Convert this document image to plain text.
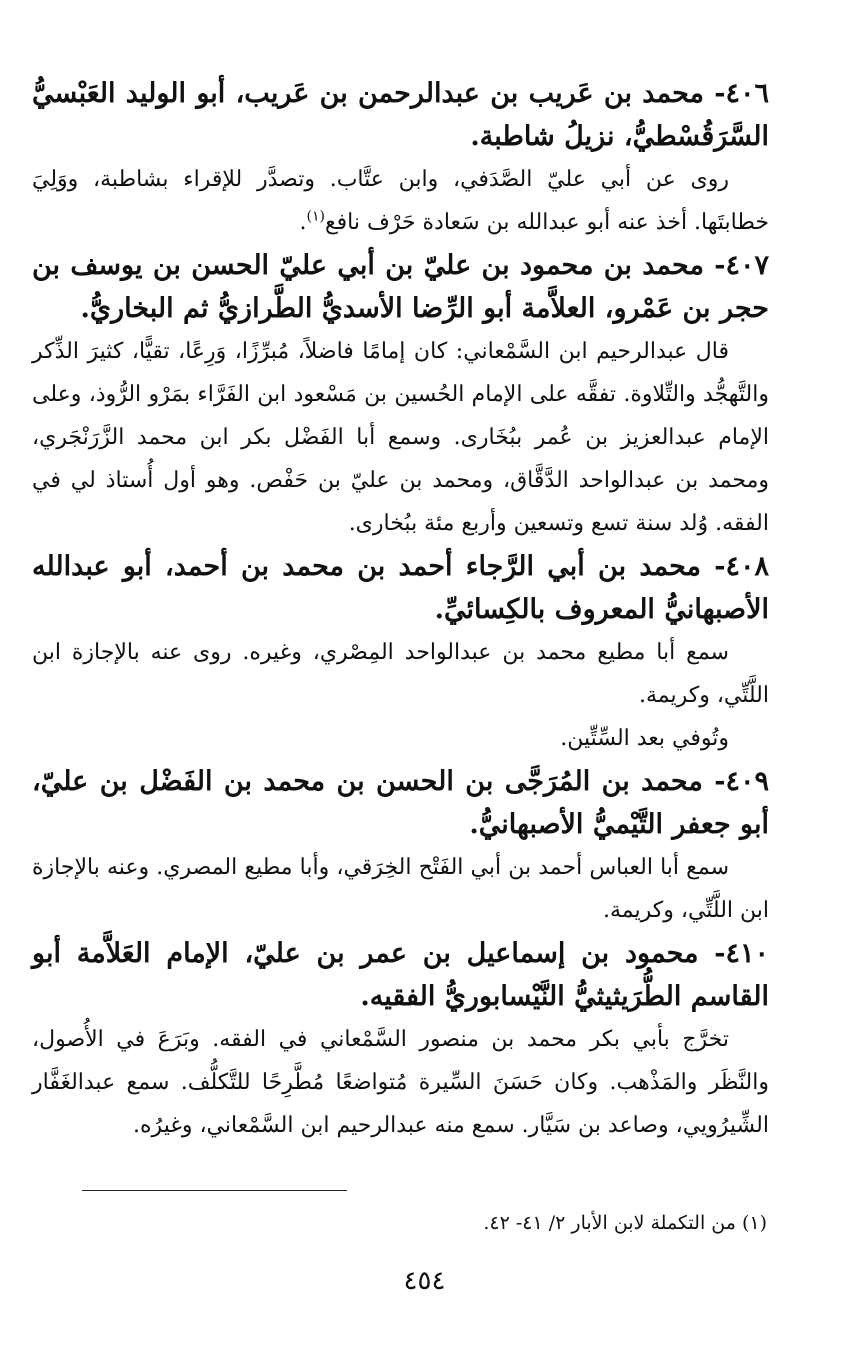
٤٠٦- محمد بن عَريب بن عبدالرحمن بن عَريب، أبو الوليد العَبْسيُّ السَّرَقُسْطيُّ، نزيلُ شاطبة.

روى عن أبي عليّ الصَّدَفي، وابن عتَّاب. وتصدَّر للإقراء بشاطبة، ووَلِيَ خطابتَها. أخذ عنه أبو عبدالله بن سَعادة حَرْف نافع$^{(١)}$.

٤٠٧- محمد بن محمود بن عليّ بن أبي عليّ الحسن بن يوسف بن حجر بن عَمْرو، العلاَّمة أبو الرِّضا الأسديُّ الطَّرازيُّ ثم البخاريُّ.

قال عبدالرحيم ابن السَّمْعاني: كان إمامًا فاضلاً، مُبرِّزًا، وَرِعًا، تقيًّا، كثيرَ الذِّكر والتَّهجُّد والتِّلاوة. تفقَّه على الإمام الحُسين بن مَسْعود ابن الفَرَّاء بمَرْو الرُّوذ، وعلى الإمام عبدالعزيز بن عُمر ببُخَارى. وسمع أبا الفَضْل بكر ابن محمد الزَّرَنْجَري، ومحمد بن عبدالواحد الدَّقَّاق، ومحمد بن عليّ بن حَفْص. وهو أول أُستاذ لي في الفقه. وُلد سنة تسع وتسعين وأربع مئة ببُخارى.

٤٠٨- محمد بن أبي الرَّجاء أحمد بن محمد بن أحمد، أبو عبدالله الأصبهانيُّ المعروف بالكِسائيِّ.

سمع أبا مطيع محمد بن عبدالواحد المِصْري، وغيره. روى عنه بالإجازة ابن اللَّتِّي، وكريمة.

وتُوفي بعد السِّتِّين.

٤٠٩- محمد بن المُرَجَّى بن الحسن بن محمد بن الفَضْل بن عليّ، أبو جعفر التَّيْميُّ الأصبهانيُّ.

سمع أبا العباس أحمد بن أبي الفَتْح الخِرَقي، وأبا مطيع المصري. وعنه بالإجازة ابن اللَّتِّي، وكريمة.

٤١٠- محمود بن إسماعيل بن عمر بن عليّ، الإمام العَلاَّمة أبو القاسم الطُّرَيثيثيُّ النَّيْسابوريُّ الفقيه.

تخرَّج بأبي بكر محمد بن منصور السَّمْعاني في الفقه. وبَرَعَ في الأُصول، والنَّظَر والمَذْهب. وكان حَسَنَ السِّيرة مُتواضعًا مُطَّرِحًا للتَّكلُّف. سمع عبدالغَفَّار الشِّيرُويي، وصاعد بن سَيَّار. سمع منه عبدالرحيم ابن السَّمْعاني، وغيرُه.

(١) من التكملة لابن الأبار ٢/ ٤١- ٤٢.
٤٥٤
